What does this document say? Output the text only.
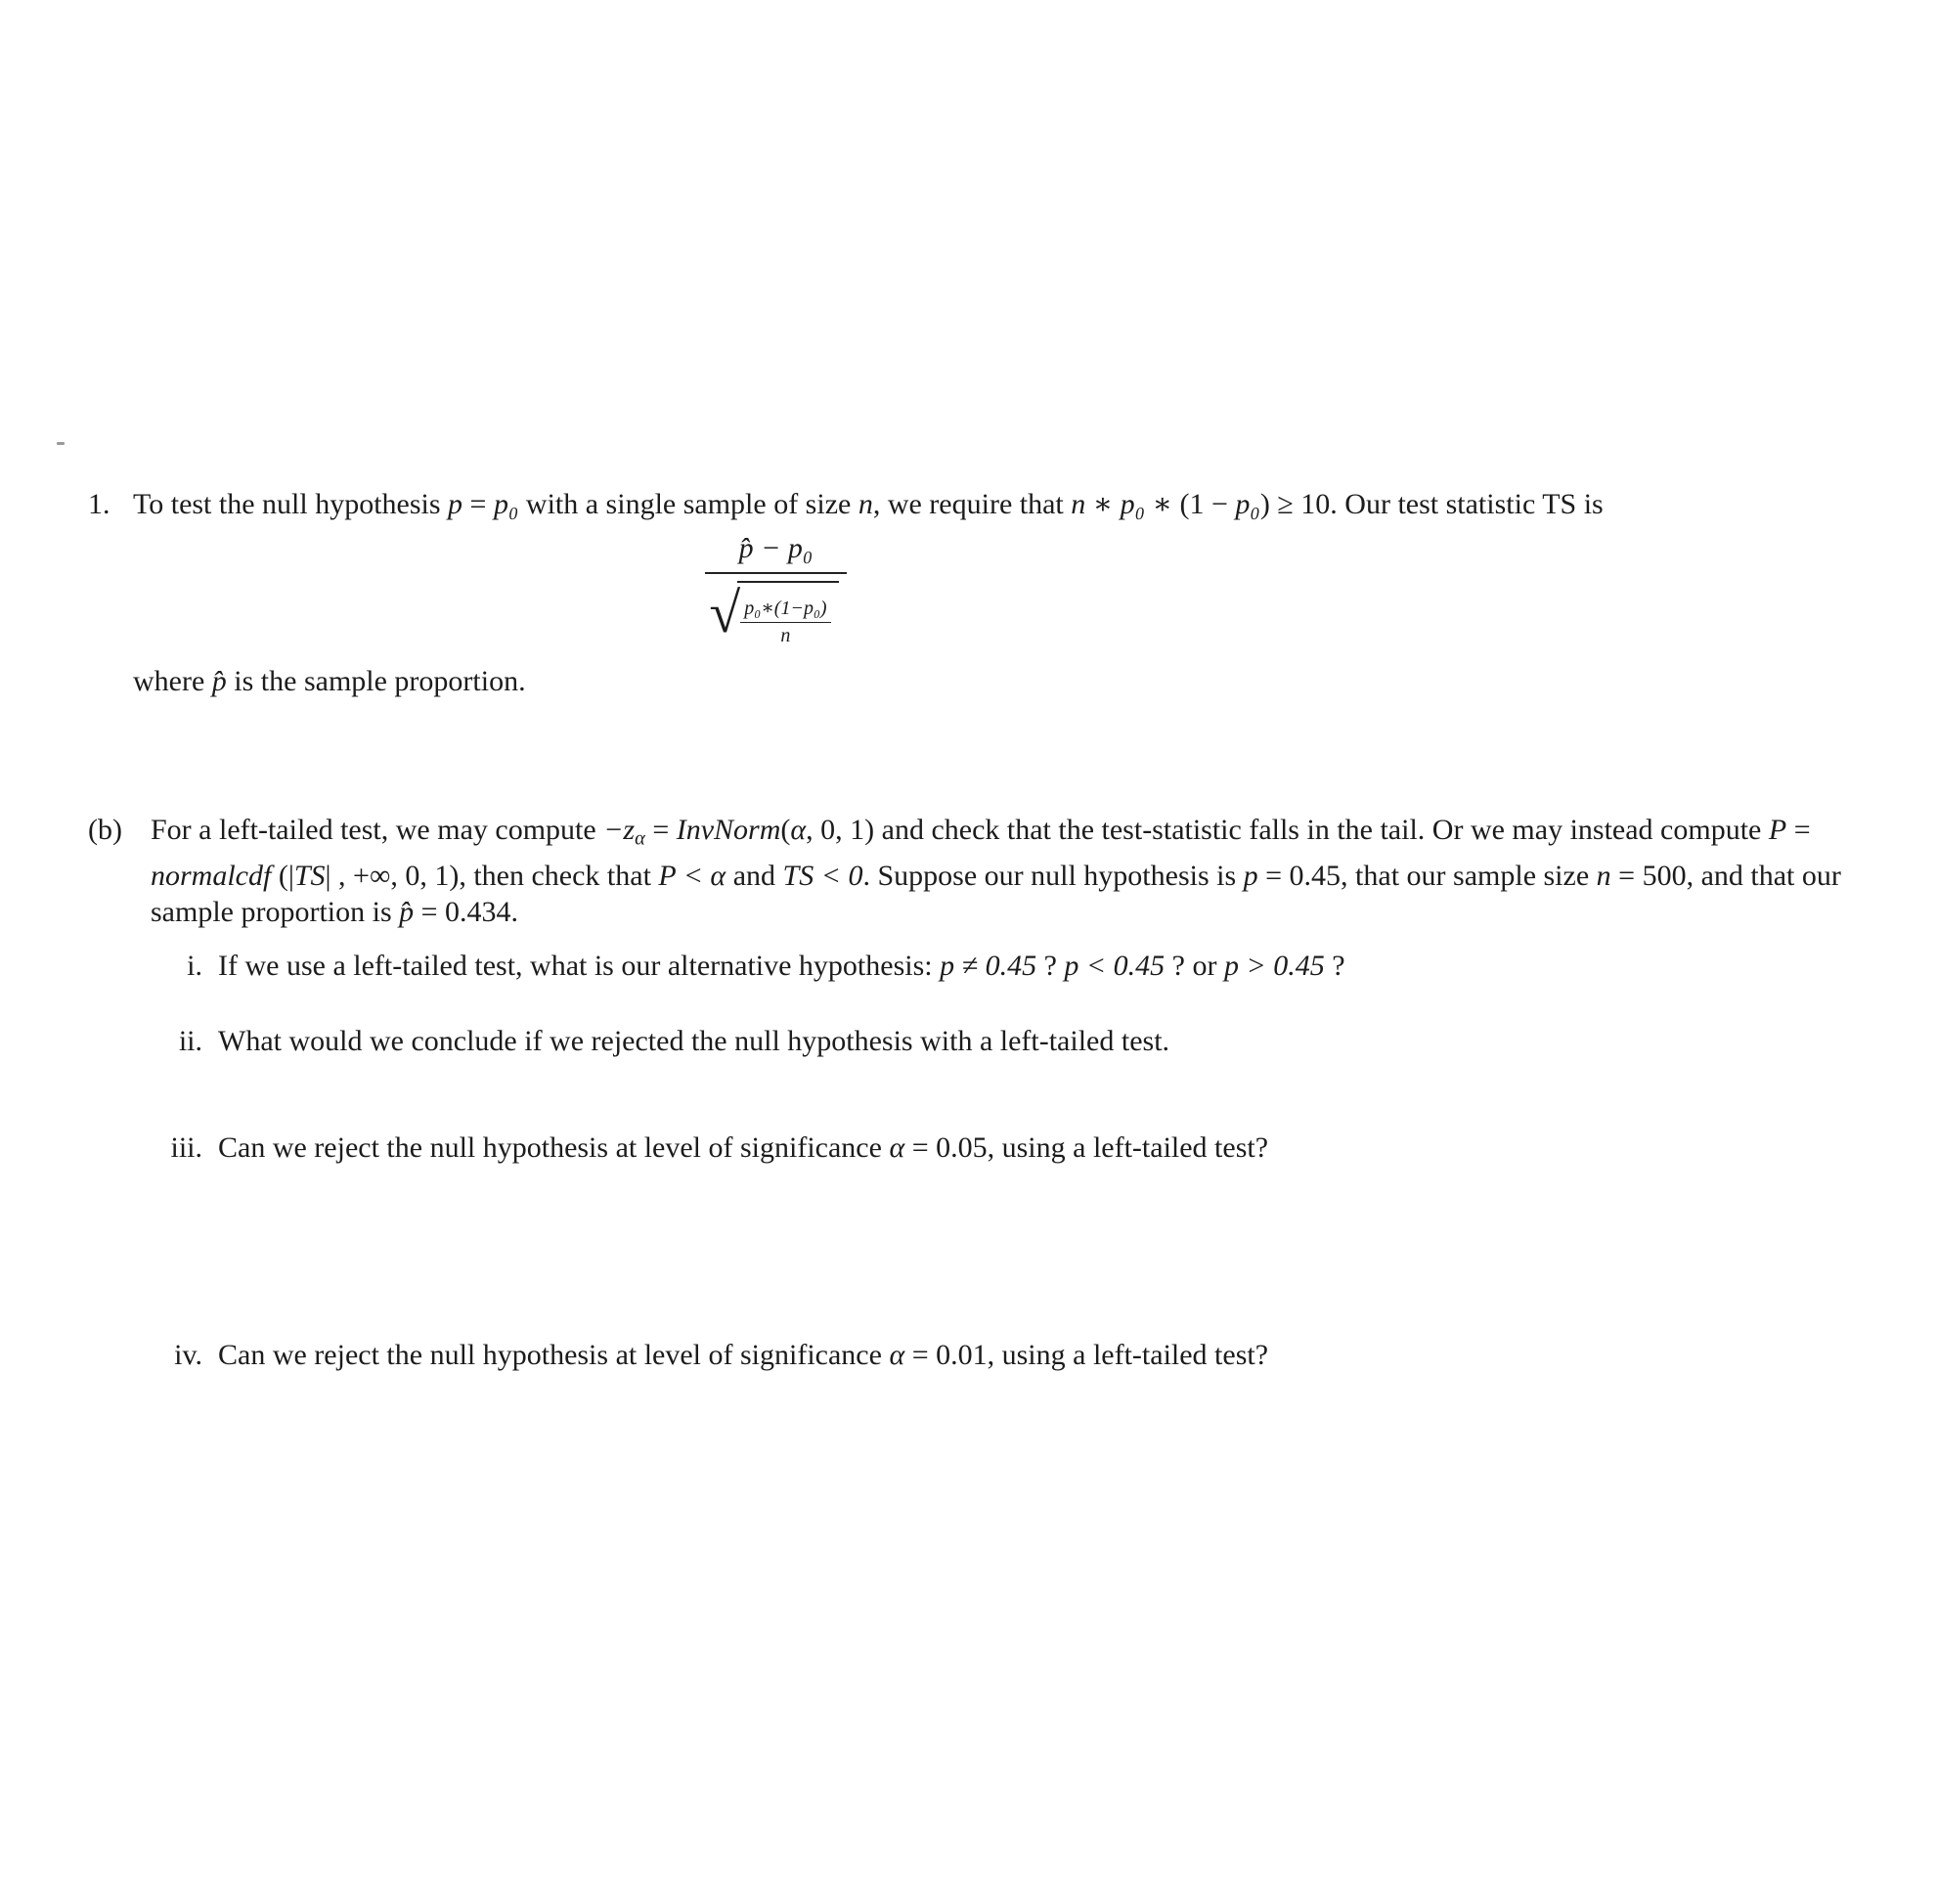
1. To test the null hypothesis p = p₀ with a single sample of size n, we require that n ∗ p₀ ∗ (1 − p₀) ≥ 10. Our test statistic TS is

p̂ − p₀
√ $\frac{\text{p₀∗(1−p₀)}}{n}$

where p̂ is the sample proportion.

(b) For a left-tailed test, we may compute −zα = InvNorm(α, 0, 1) and check that the test-statistic falls in the tail. Or we may instead compute P = normalcdf (|TS| , +∞, 0, 1), then check that P < α and TS < 0. Suppose our null hypothesis is p = 0.45, that our sample size n = 500, and that our sample proportion is p̂ = 0.434.

i. If we use a left-tailed test, what is our alternative hypothesis: p ≠ 0.45 ? p < 0.45 ? or p > 0.45 ?
ii. What would we conclude if we rejected the null hypothesis with a left-tailed test.
iii. Can we reject the null hypothesis at level of significance α = 0.05, using a left-tailed test?
iv. Can we reject the null hypothesis at level of significance α = 0.01, using a left-tailed test?
